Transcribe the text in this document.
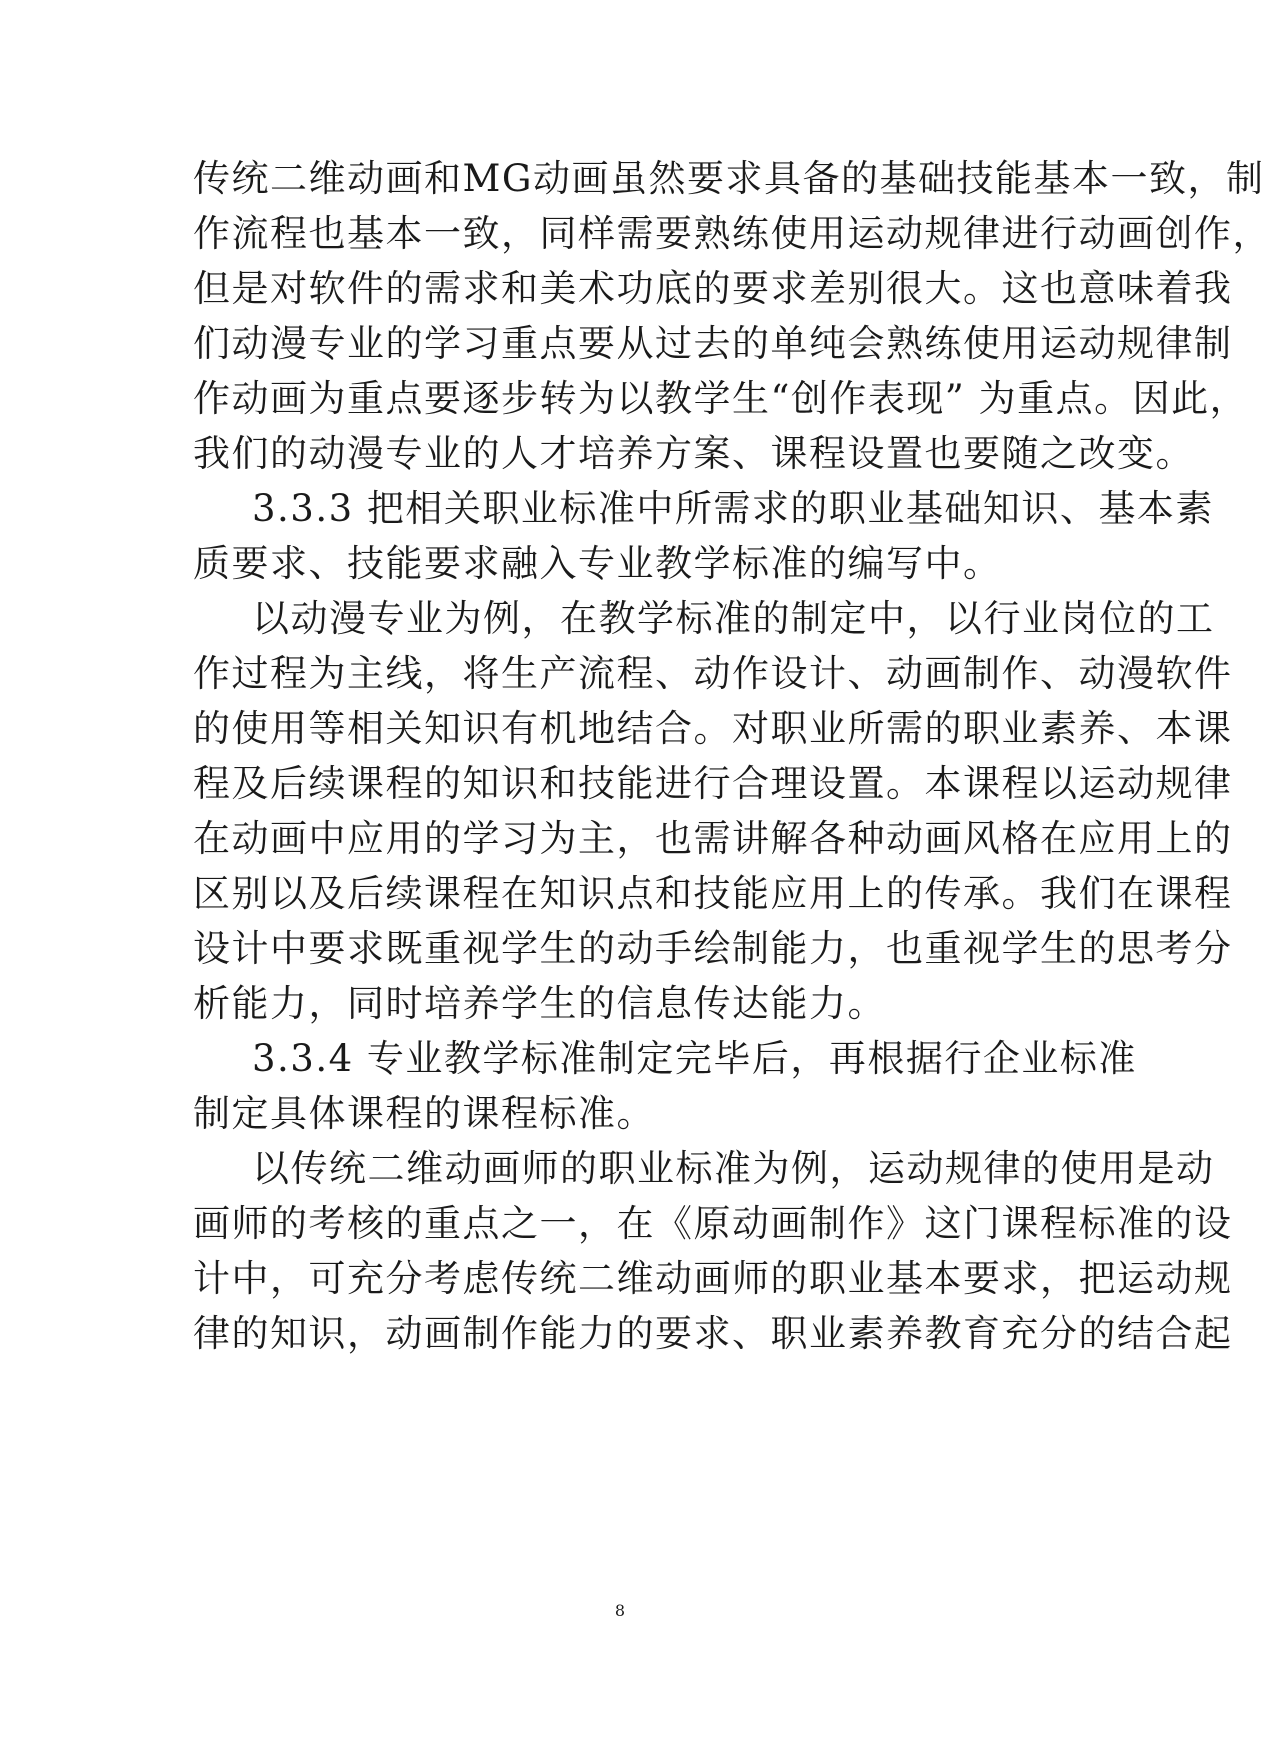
传统二维动画和MG动画虽然要求具备的基础技能基本一致，制
作流程也基本一致，同样需要熟练使用运动规律进行动画创作，
但是对软件的需求和美术功底的要求差别很大。这也意味着我
们动漫专业的学习重点要从过去的单纯会熟练使用运动规律制
作动画为重点要逐步转为以教学生“创作表现” 为重点。因此，
我们的动漫专业的人才培养方案、课程设置也要随之改变。
3.3.3 把相关职业标准中所需求的职业基础知识、基本素
质要求、技能要求融入专业教学标准的编写中。
以动漫专业为例，在教学标准的制定中，以行业岗位的工
作过程为主线，将生产流程、动作设计、动画制作、动漫软件
的使用等相关知识有机地结合。对职业所需的职业素养、本课
程及后续课程的知识和技能进行合理设置。本课程以运动规律
在动画中应用的学习为主，也需讲解各种动画风格在应用上的
区别以及后续课程在知识点和技能应用上的传承。我们在课程
设计中要求既重视学生的动手绘制能力，也重视学生的思考分
析能力，同时培养学生的信息传达能力。
3.3.4 专业教学标准制定完毕后，再根据行企业标准
制定具体课程的课程标准。
以传统二维动画师的职业标准为例，运动规律的使用是动
画师的考核的重点之一，在《原动画制作》这门课程标准的设
计中，可充分考虑传统二维动画师的职业基本要求，把运动规
律的知识，动画制作能力的要求、职业素养教育充分的结合起
8
